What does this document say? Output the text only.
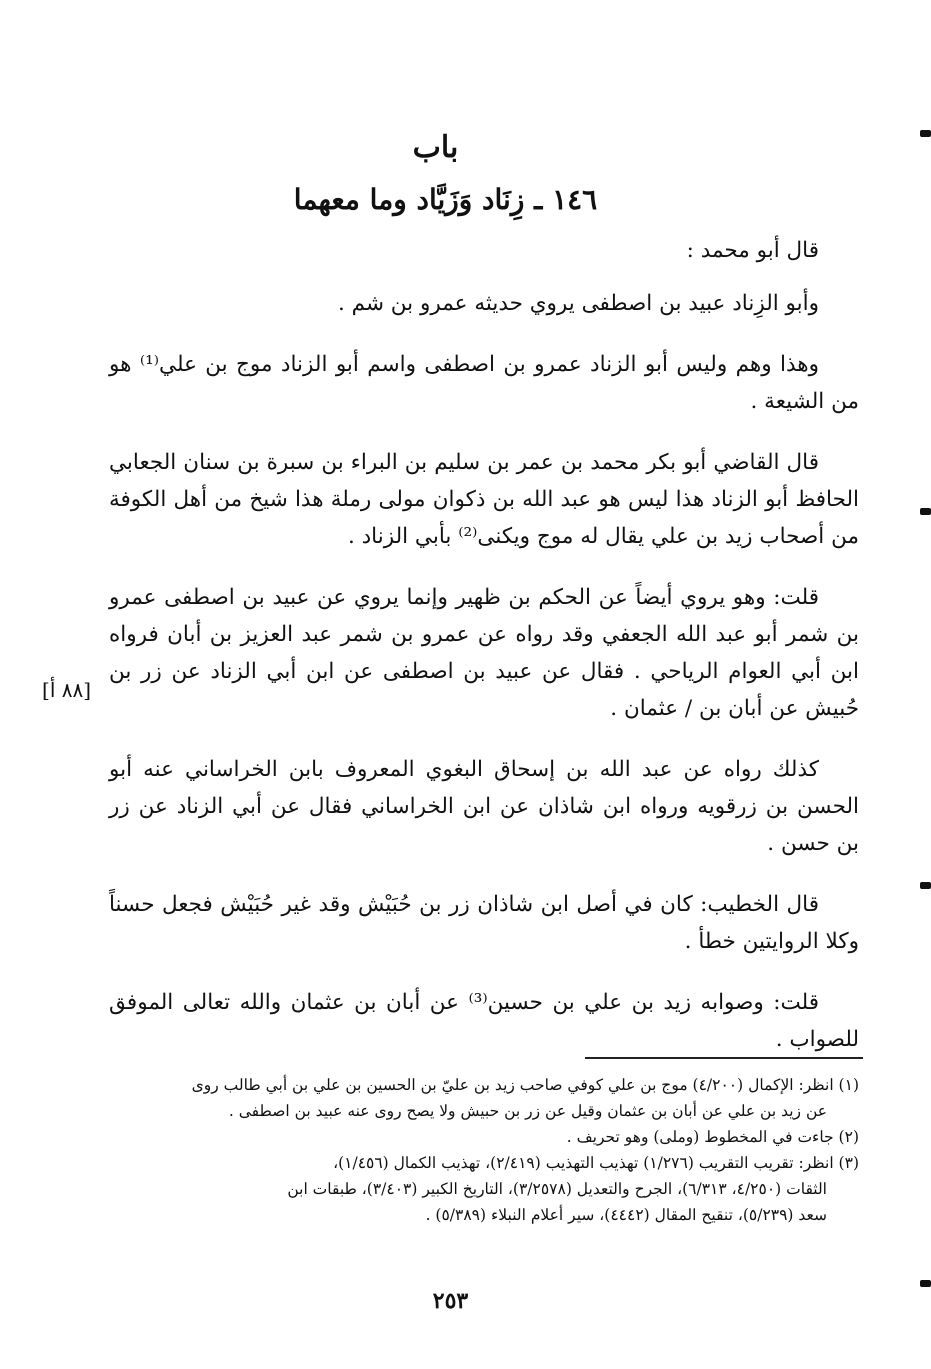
باب
١٤٦ ـ زِنَاد وَزَيَّاد وما معهما

قال أبو محمد :

وأبو الزِناد عبيد بن اصطفى يروي حديثه عمرو بن شم .

وهذا وهم وليس أبو الزناد عمرو بن اصطفى واسم أبو الزناد موج بن علي⁽¹⁾ هو من الشيعة .

قال القاضي أبو بكر محمد بن عمر بن سليم بن البراء بن سبرة بن سنان الجعابي الحافظ أبو الزناد هذا ليس هو عبد الله بن ذكوان مولى رملة هذا شيخ من أهل الكوفة من أصحاب زيد بن علي يقال له موج ويكنى⁽²⁾ بأبي الزناد .

قلت: وهو يروي أيضاً عن الحكم بن ظهير وإنما يروي عن عبيد بن اصطفى عمرو بن شمر أبو عبد الله الجعفي وقد رواه عن عمرو بن شمر عبد العزيز بن أبان فرواه ابن أبي العوام الرياحي . فقال عن عبيد بن اصطفى عن ابن أبي الزناد عن زر بن حُبيش عن أبان بن / عثمان .

كذلك رواه عن عبد الله بن إسحاق البغوي المعروف بابن الخراساني عنه أبو الحسن بن زرقويه ورواه ابن شاذان عن ابن الخراساني فقال عن أبي الزناد عن زر بن حسن .

قال الخطيب: كان في أصل ابن شاذان زر بن حُبَيْش وقد غير حُبَيْش فجعل حسناً وكلا الروايتين خطأ .

قلت: وصوابه زيد بن علي بن حسين⁽³⁾ عن أبان بن عثمان والله تعالى الموفق للصواب .

[٨٨ أ]

(١) انظر: الإكمال (٤/٢٠٠) موج بن علي كوفي صاحب زيد بن عليّ بن الحسين بن علي بن أبي طالب روى

عن زيد بن علي عن أبان بن عثمان وقيل عن زر بن حبيش ولا يصح روى عنه عبيد بن اصطفى .

(٢) جاءت في المخطوط (وملى) وهو تحريف .

(٣) انظر: تقريب التقريب (١/٢٧٦) تهذيب التهذيب (٢/٤١٩)، تهذيب الكمال (١/٤٥٦)،

الثقات (٤/٢٥٠، ٦/٣١٣)، الجرح والتعديل (٣/٢٥٧٨)، التاريخ الكبير (٣/٤٠٣)، طبقات ابن

سعد (٥/٢٣٩)، تنقيح المقال (٤٤٤٢)، سير أعلام النبلاء (٥/٣٨٩) .

٢٥٣
